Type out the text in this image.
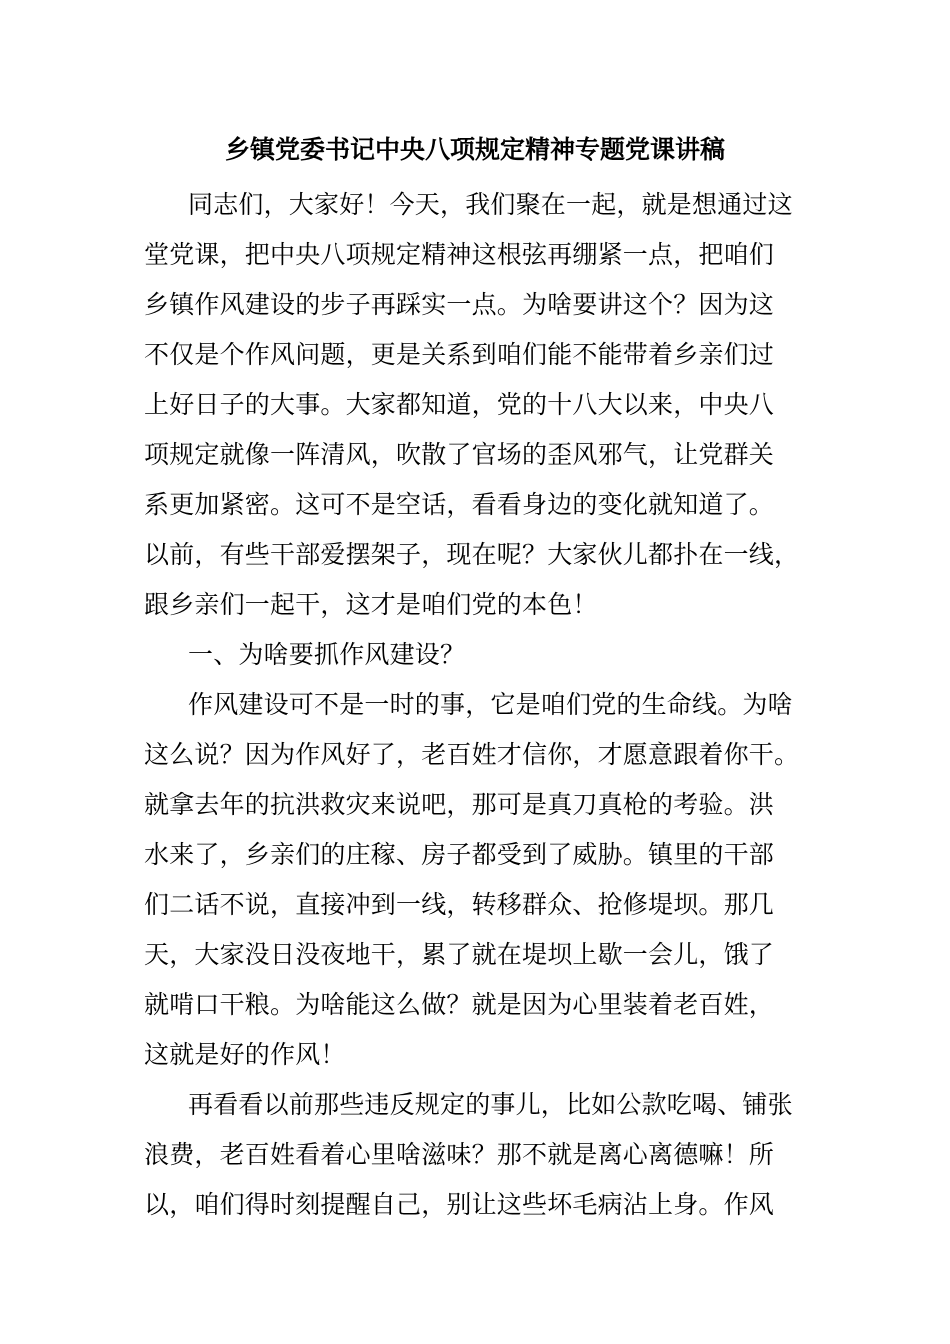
乡镇党委书记中央八项规定精神专题党课讲稿

同志们，大家好！今天，我们聚在一起，就是想通过这
堂党课，把中央八项规定精神这根弦再绷紧一点，把咱们
乡镇作风建设的步子再踩实一点。为啥要讲这个？因为这
不仅是个作风问题，更是关系到咱们能不能带着乡亲们过
上好日子的大事。大家都知道，党的十八大以来，中央八
项规定就像一阵清风，吹散了官场的歪风邪气，让党群关
系更加紧密。这可不是空话，看看身边的变化就知道了。
以前，有些干部爱摆架子，现在呢？大家伙儿都扑在一线，
跟乡亲们一起干，这才是咱们党的本色！

一、为啥要抓作风建设？

作风建设可不是一时的事，它是咱们党的生命线。为啥
这么说？因为作风好了，老百姓才信你，才愿意跟着你干。
就拿去年的抗洪救灾来说吧，那可是真刀真枪的考验。洪
水来了，乡亲们的庄稼、房子都受到了威胁。镇里的干部
们二话不说，直接冲到一线，转移群众、抢修堤坝。那几
天，大家没日没夜地干，累了就在堤坝上歇一会儿，饿了
就啃口干粮。为啥能这么做？就是因为心里装着老百姓，
这就是好的作风！

再看看以前那些违反规定的事儿，比如公款吃喝、铺张
浪费，老百姓看着心里啥滋味？那不就是离心离德嘛！所
以，咱们得时刻提醒自己，别让这些坏毛病沾上身。作风
